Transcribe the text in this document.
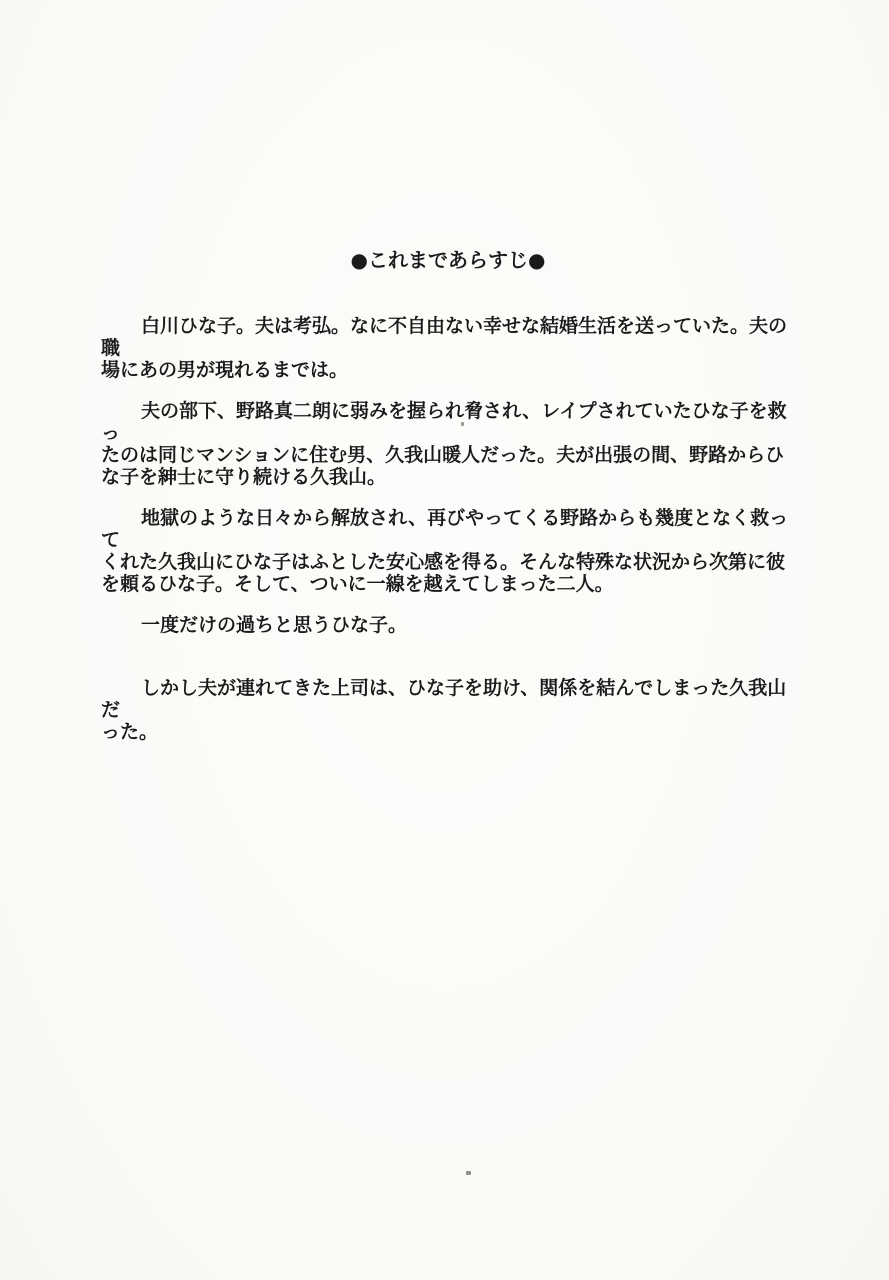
●これまであらすじ●

白川ひな子。夫は考弘。なに不自由ない幸せな結婚生活を送っていた。夫の職
場にあの男が現れるまでは。

夫の部下、野路真二朗に弱みを握られ脅され、レイプされていたひな子を救っ
たのは同じマンションに住む男、久我山暖人だった。夫が出張の間、野路からひ
な子を紳士に守り続ける久我山。

地獄のような日々から解放され、再びやってくる野路からも幾度となく救って
くれた久我山にひな子はふとした安心感を得る。そんな特殊な状況から次第に彼
を頼るひな子。そして、ついに一線を越えてしまった二人。

一度だけの過ちと思うひな子。

しかし夫が連れてきた上司は、ひな子を助け、関係を結んでしまった久我山だ
った。
